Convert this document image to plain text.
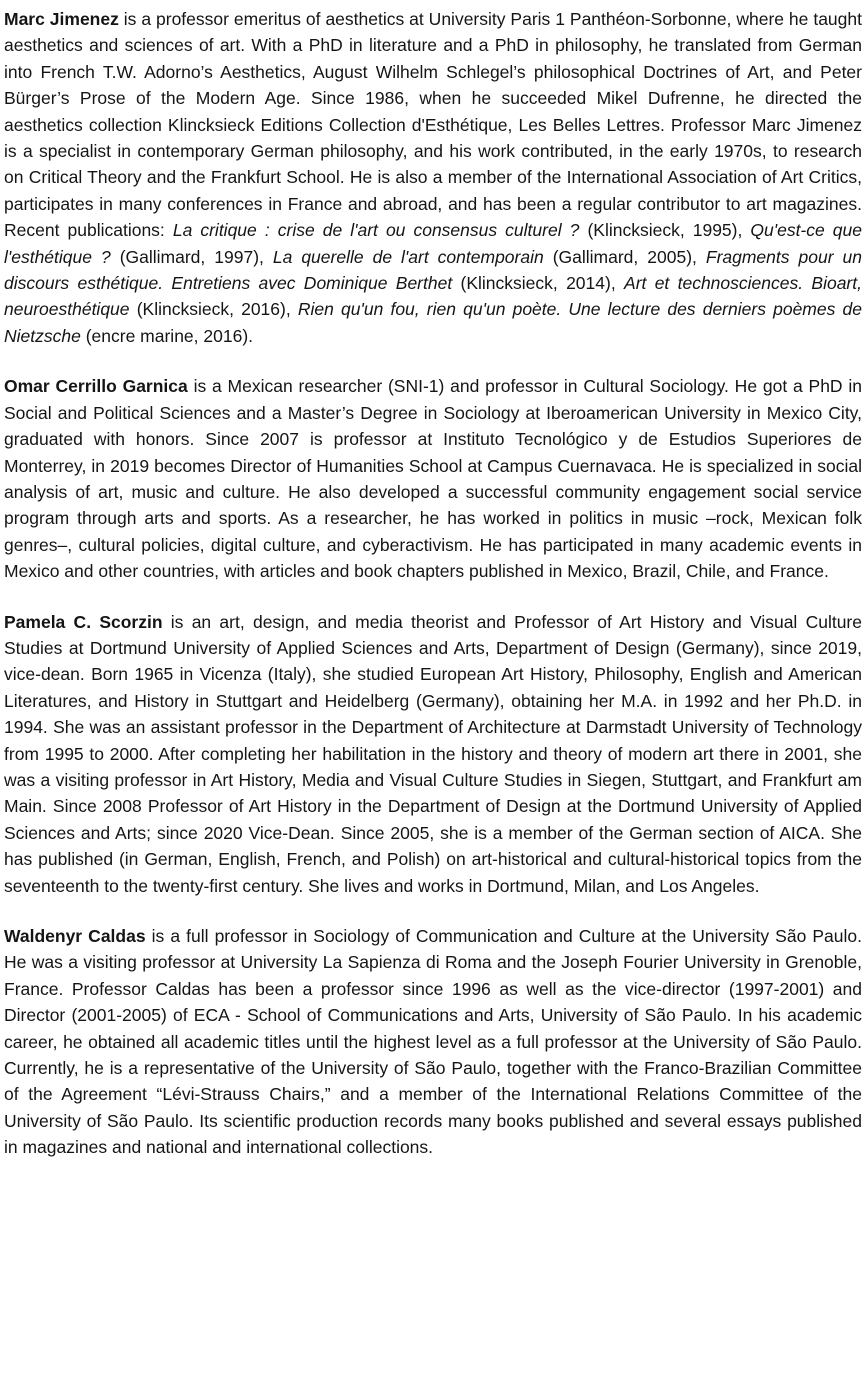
Marc Jimenez is a professor emeritus of aesthetics at University Paris 1 Panthéon-Sorbonne, where he taught aesthetics and sciences of art. With a PhD in literature and a PhD in philosophy, he translated from German into French T.W. Adorno’s Aesthetics, August Wilhelm Schlegel’s philosophical Doctrines of Art, and Peter Bürger’s Prose of the Modern Age. Since 1986, when he succeeded Mikel Dufrenne, he directed the aesthetics collection Klincksieck Editions Collection d'Esthétique, Les Belles Lettres. Professor Marc Jimenez is a specialist in contemporary German philosophy, and his work contributed, in the early 1970s, to research on Critical Theory and the Frankfurt School. He is also a member of the International Association of Art Critics, participates in many conferences in France and abroad, and has been a regular contributor to art magazines. Recent publications: La critique : crise de l'art ou consensus culturel ? (Klincksieck, 1995), Qu'est-ce que l'esthétique ? (Gallimard, 1997), La querelle de l'art contemporain (Gallimard, 2005), Fragments pour un discours esthétique. Entretiens avec Dominique Berthet (Klincksieck, 2014), Art et technosciences. Bioart, neuroesthétique (Klincksieck, 2016), Rien qu'un fou, rien qu'un poète. Une lecture des derniers poèmes de Nietzsche (encre marine, 2016).

Omar Cerrillo Garnica is a Mexican researcher (SNI-1) and professor in Cultural Sociology. He got a PhD in Social and Political Sciences and a Master’s Degree in Sociology at Iberoamerican University in Mexico City, graduated with honors. Since 2007 is professor at Instituto Tecnológico y de Estudios Superiores de Monterrey, in 2019 becomes Director of Humanities School at Campus Cuernavaca. He is specialized in social analysis of art, music and culture. He also developed a successful community engagement social service program through arts and sports. As a researcher, he has worked in politics in music –rock, Mexican folk genres–, cultural policies, digital culture, and cyberactivism. He has participated in many academic events in Mexico and other countries, with articles and book chapters published in Mexico, Brazil, Chile, and France.

Pamela C. Scorzin is an art, design, and media theorist and Professor of Art History and Visual Culture Studies at Dortmund University of Applied Sciences and Arts, Department of Design (Germany), since 2019, vice-dean. Born 1965 in Vicenza (Italy), she studied European Art History, Philosophy, English and American Literatures, and History in Stuttgart and Heidelberg (Germany), obtaining her M.A. in 1992 and her Ph.D. in 1994. She was an assistant professor in the Department of Architecture at Darmstadt University of Technology from 1995 to 2000. After completing her habilitation in the history and theory of modern art there in 2001, she was a visiting professor in Art History, Media and Visual Culture Studies in Siegen, Stuttgart, and Frankfurt am Main. Since 2008 Professor of Art History in the Department of Design at the Dortmund University of Applied Sciences and Arts; since 2020 Vice-Dean. Since 2005, she is a member of the German section of AICA. She has published (in German, English, French, and Polish) on art-historical and cultural-historical topics from the seventeenth to the twenty-first century. She lives and works in Dortmund, Milan, and Los Angeles.

Waldenyr Caldas is a full professor in Sociology of Communication and Culture at the University São Paulo. He was a visiting professor at University La Sapienza di Roma and the Joseph Fourier University in Grenoble, France. Professor Caldas has been a professor since 1996 as well as the vice-director (1997-2001) and Director (2001-2005) of ECA - School of Communications and Arts, University of São Paulo. In his academic career, he obtained all academic titles until the highest level as a full professor at the University of São Paulo. Currently, he is a representative of the University of São Paulo, together with the Franco-Brazilian Committee of the Agreement “Lévi-Strauss Chairs,” and a member of the International Relations Committee of the University of São Paulo. Its scientific production records many books published and several essays published in magazines and national and international collections.
